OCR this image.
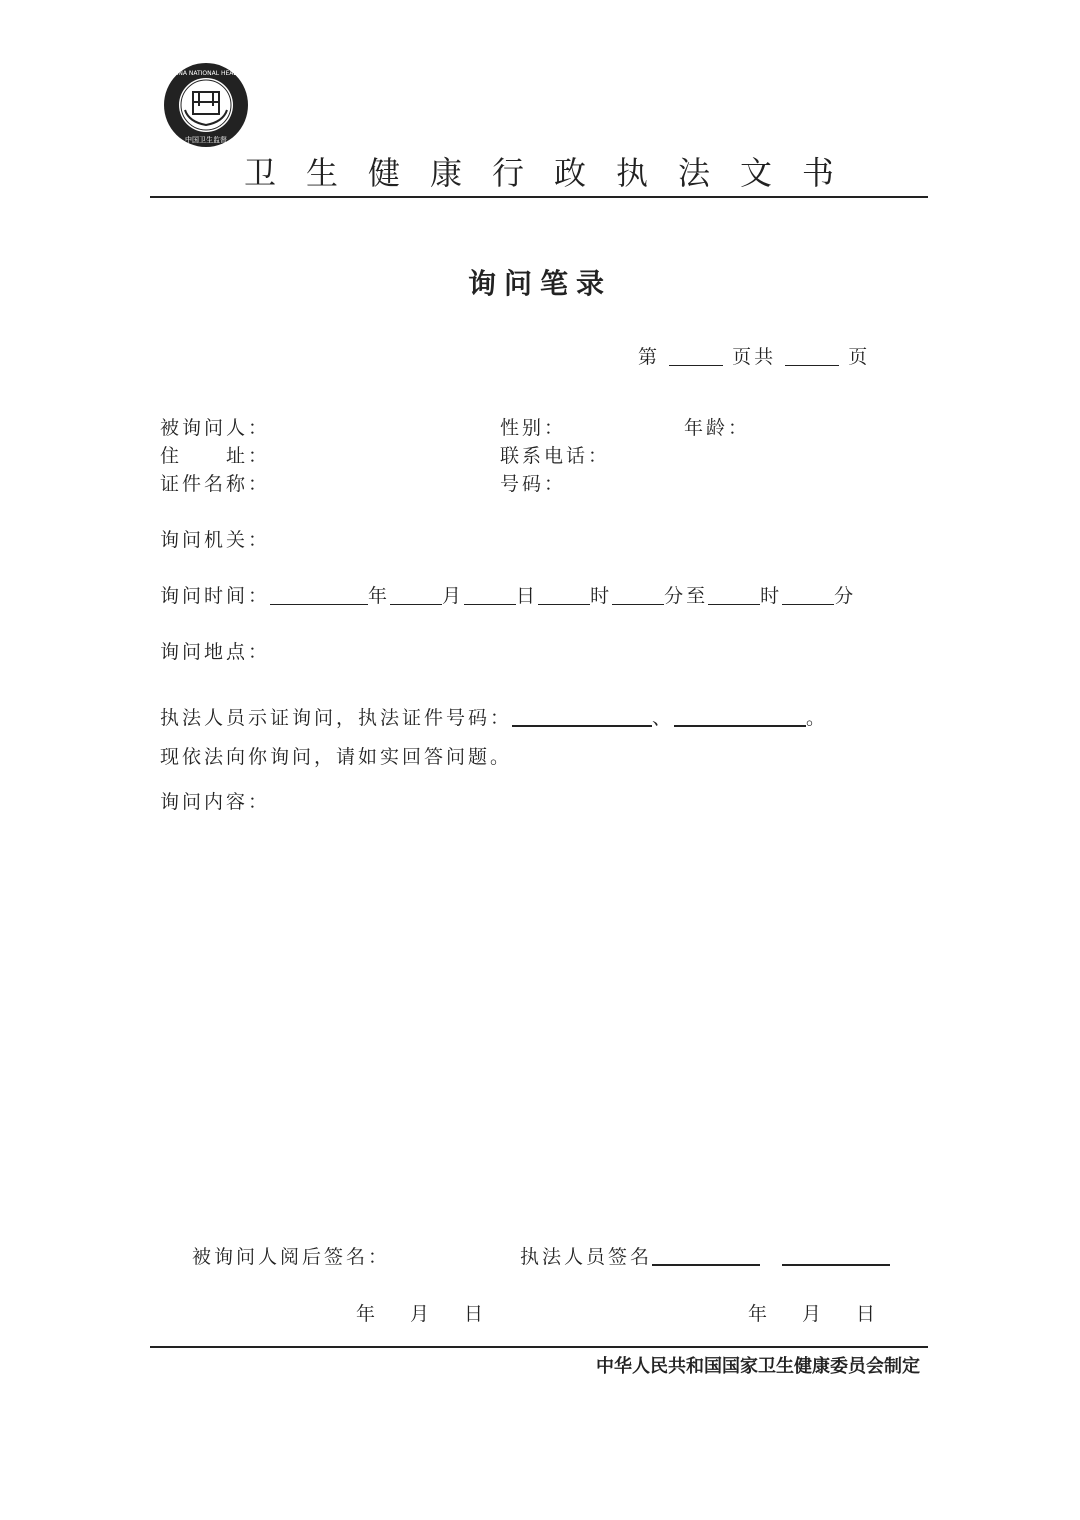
CHINA NATIONAL HEALTH
中国卫生监督
卫生健康行政执法文书
询问笔录
第	页共	页
被询问人：	性别：	年龄：
住　　址：	联系电话：
证件名称：	号码：
询问机关：
询问时间：	年	月	日	时	分至	时	分
询问地点：
执法人员示证询问，执法证件号码：	、	。
现依法向你询问，请如实回答问题。
询问内容：
被询问人阅后签名：	执法人员签名
年 月 日	年 月 日
中华人民共和国国家卫生健康委员会制定
